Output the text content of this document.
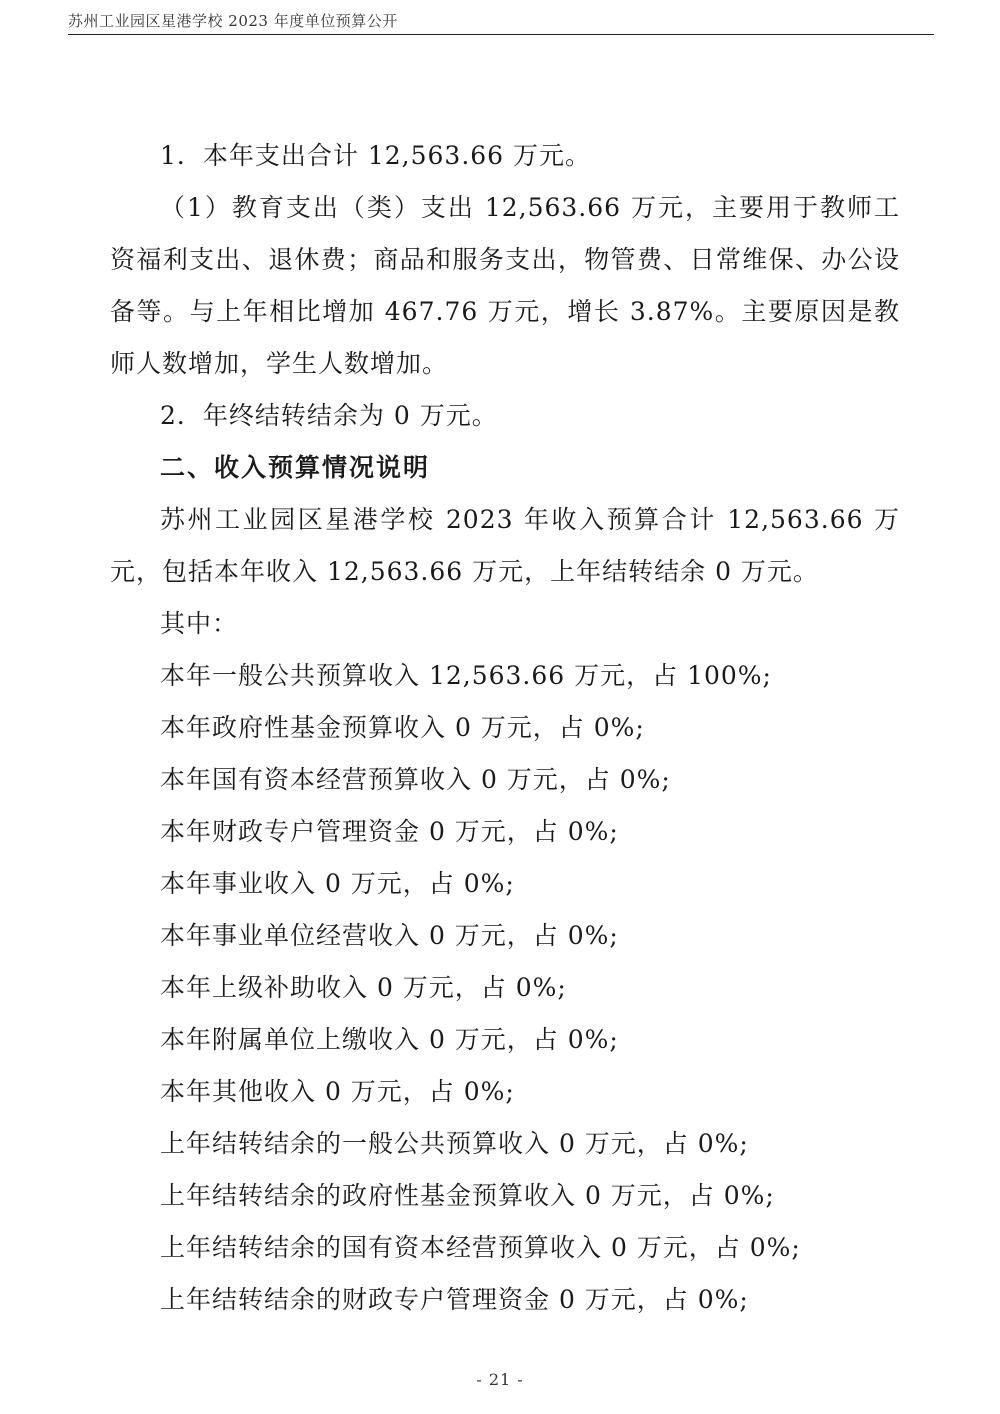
苏州工业园区星港学校 2023 年度单位预算公开

1．本年支出合计 12,563.66 万元。

（1）教育支出（类）支出 12,563.66 万元，主要用于教师工资福利支出、退休费；商品和服务支出，物管费、日常维保、办公设备等。与上年相比增加 467.76 万元，增长 3.87%。主要原因是教师人数增加，学生人数增加。

2．年终结转结余为 0 万元。

二、收入预算情况说明

苏州工业园区星港学校 2023 年收入预算合计 12,563.66 万元，包括本年收入 12,563.66 万元，上年结转结余 0 万元。

其中：

本年一般公共预算收入 12,563.66 万元，占 100%;

本年政府性基金预算收入 0 万元，占 0%;

本年国有资本经营预算收入 0 万元，占 0%;

本年财政专户管理资金 0 万元，占 0%;

本年事业收入 0 万元，占 0%;

本年事业单位经营收入 0 万元，占 0%;

本年上级补助收入 0 万元，占 0%;

本年附属单位上缴收入 0 万元，占 0%;

本年其他收入 0 万元，占 0%;

上年结转结余的一般公共预算收入 0 万元，占 0%;

上年结转结余的政府性基金预算收入 0 万元，占 0%;

上年结转结余的国有资本经营预算收入 0 万元，占 0%;

上年结转结余的财政专户管理资金 0 万元，占 0%;

- 21 -
